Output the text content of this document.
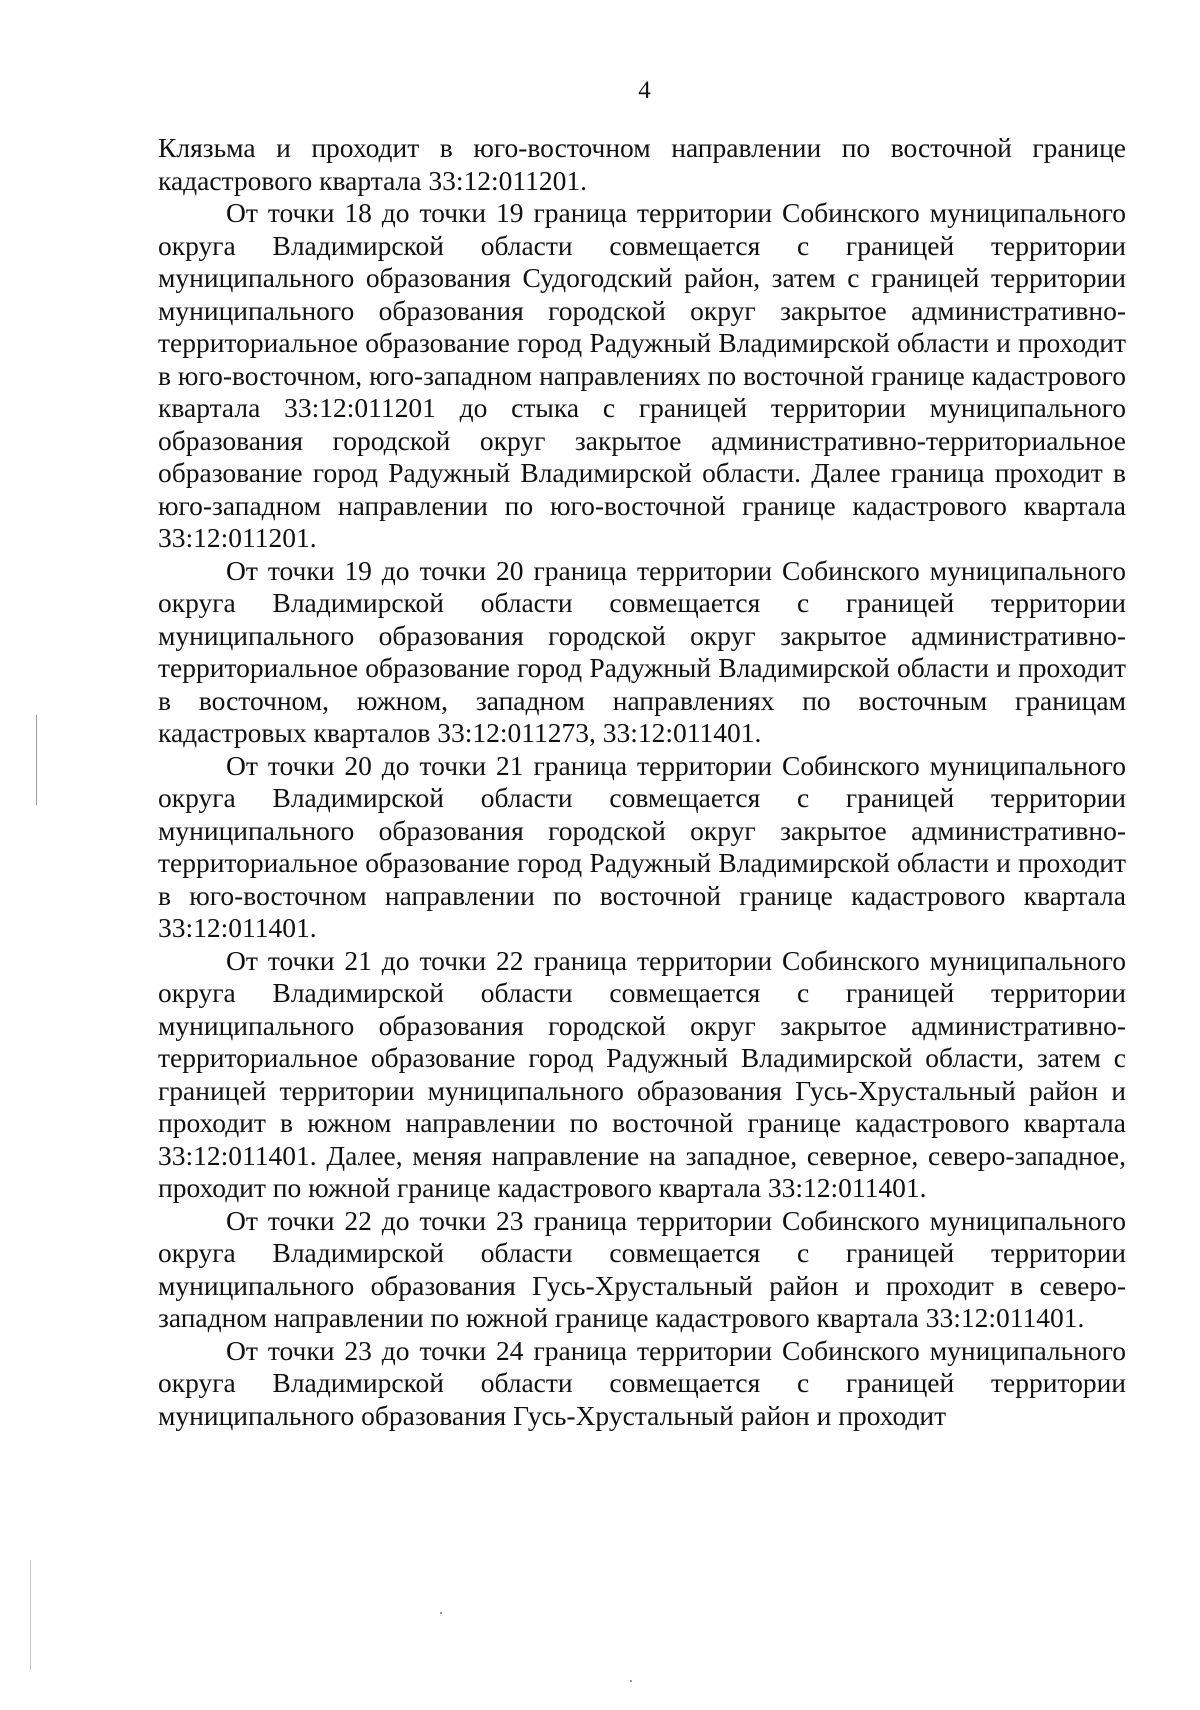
4

Клязьма и проходит в юго-восточном направлении по восточной границе кадастрового квартала 33:12:011201.

От точки 18 до точки 19 граница территории Собинского муниципального округа Владимирской области совмещается с границей территории муниципального образования Судогодский район, затем с границей территории муниципального образования городской округ закрытое административно-территориальное образование город Радужный Владимирской области и проходит в юго-восточном, юго-западном направлениях по восточной границе кадастрового квартала 33:12:011201 до стыка с границей территории муниципального образования городской округ закрытое административно-территориальное образование город Радужный Владимирской области. Далее граница проходит в юго-западном направлении по юго-восточной границе кадастрового квартала 33:12:011201.

От точки 19 до точки 20 граница территории Собинского муниципального округа Владимирской области совмещается с границей территории муниципального образования городской округ закрытое административно-территориальное образование город Радужный Владимирской области и проходит в восточном, южном, западном направлениях по восточным границам кадастровых кварталов 33:12:011273, 33:12:011401.

От точки 20 до точки 21 граница территории Собинского муниципального округа Владимирской области совмещается с границей территории муниципального образования городской округ закрытое административно-территориальное образование город Радужный Владимирской области и проходит в юго-восточном направлении по восточной границе кадастрового квартала 33:12:011401.

От точки 21 до точки 22 граница территории Собинского муниципального округа Владимирской области совмещается с границей территории муниципального образования городской округ закрытое административно-территориальное образование город Радужный Владимирской области, затем с границей территории муниципального образования Гусь-Хрустальный район и проходит в южном направлении по восточной границе кадастрового квартала 33:12:011401. Далее, меняя направление на западное, северное, северо-западное, проходит по южной границе кадастрового квартала 33:12:011401.

От точки 22 до точки 23 граница территории Собинского муниципального округа Владимирской области совмещается с границей территории муниципального образования Гусь-Хрустальный район и проходит в северо-западном направлении по южной границе кадастрового квартала 33:12:011401.

От точки 23 до точки 24 граница территории Собинского муниципального округа Владимирской области совмещается с границей территории муниципального образования Гусь-Хрустальный район и проходит
